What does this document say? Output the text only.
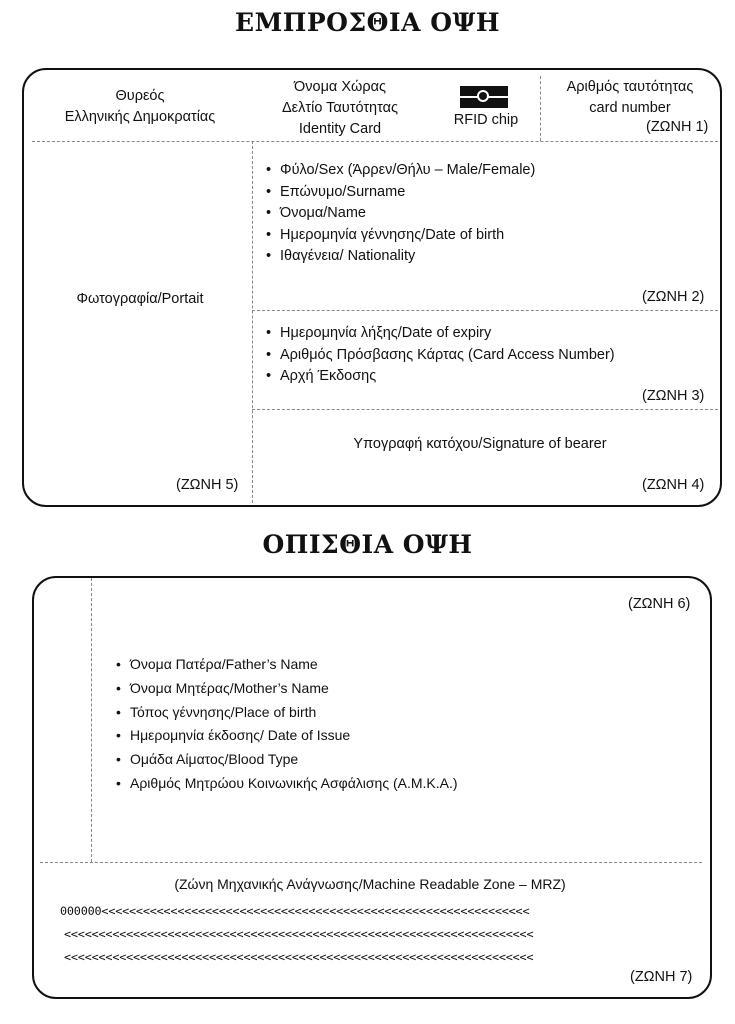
ΕΜΠΡΟΣΘΙΑ ΟΨΗ
Θυρεός
Ελληνικής Δημοκρατίας
Όνομα Χώρας
Δελτίο Ταυτότητας
Identity Card
RFID chip
Αριθμός ταυτότητας
card number
(ΖΩΝΗ 1)
Φωτογραφία/Portait
(ΖΩΝΗ 5)
• Φύλο/Sex (Άρρεν/Θήλυ – Male/Female)
• Επώνυμο/Surname
• Όνομα/Name
• Ημερομηνία γέννησης/Date of birth
• Ιθαγένεια/ Nationality
(ΖΩΝΗ 2)
• Ημερομηνία λήξης/Date of expiry
• Αριθμός Πρόσβασης Κάρτας (Card Access Number)
• Αρχή Έκδοσης
(ΖΩΝΗ 3)
Υπογραφή κατόχου/Signature of bearer
(ΖΩΝΗ 4)
ΟΠΙΣΘΙΑ ΟΨΗ
(ΖΩΝΗ 6)
• Όνομα Πατέρα/Father’s Name
• Όνομα Μητέρας/Mother’s Name
• Τόπος γέννησης/Place of birth
• Ημερομηνία έκδοσης/ Date of Issue
• Ομάδα Αίματος/Blood Type
• Αριθμός Μητρώου Κοινωνικής Ασφάλισης (Α.Μ.Κ.Α.)
(Ζώνη Μηχανικής Ανάγνωσης/Machine Readable Zone – MRZ)
000000<<<<<<<<<<<<<<<<<<<<<<<<<<<<<<<<<<<<<<<<<<<<<<<<<<<<<<<<<<<<<<
<<<<<<<<<<<<<<<<<<<<<<<<<<<<<<<<<<<<<<<<<<<<<<<<<<<<<<<<<<<<<<<<<<<<
<<<<<<<<<<<<<<<<<<<<<<<<<<<<<<<<<<<<<<<<<<<<<<<<<<<<<<<<<<<<<<<<<<<<
(ΖΩΝΗ 7)
